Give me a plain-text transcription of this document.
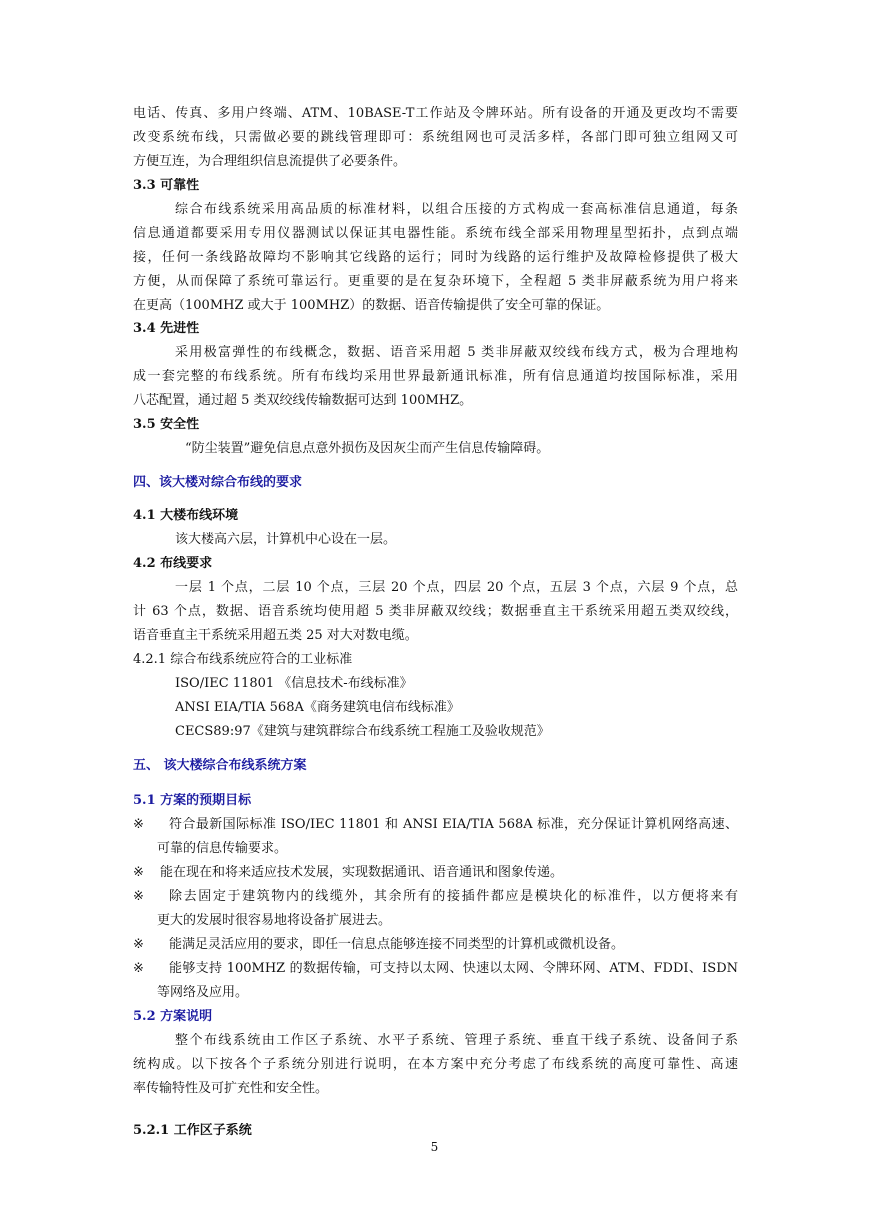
电话、传真、多用户终端、ATM、10BASE-T工作站及令牌环站。所有设备的开通及更改均不需要
改变系统布线，只需做必要的跳线管理即可：系统组网也可灵活多样，各部门即可独立组网又可
方便互连，为合理组织信息流提供了必要条件。
3.3 可靠性
综合布线系统采用高品质的标准材料，以组合压接的方式构成一套高标准信息通道，每条
信息通道都要采用专用仪器测试以保证其电器性能。系统布线全部采用物理星型拓扑，点到点端
接，任何一条线路故障均不影响其它线路的运行；同时为线路的运行维护及故障检修提供了极大
方便，从而保障了系统可靠运行。更重要的是在复杂环境下，全程超 5 类非屏蔽系统为用户将来
在更高（100MHZ 或大于 100MHZ）的数据、语音传输提供了安全可靠的保证。
3.4 先进性
采用极富弹性的布线概念，数据、语音采用超 5 类非屏蔽双绞线布线方式，极为合理地构
成一套完整的布线系统。所有布线均采用世界最新通讯标准，所有信息通道均按国际标准，采用
八芯配置，通过超 5 类双绞线传输数据可达到 100MHZ。
3.5 安全性
“防尘装置”避免信息点意外损伤及因灰尘而产生信息传输障碍。
四、该大楼对综合布线的要求
4.1 大楼布线环境
该大楼高六层，计算机中心设在一层。
4.2 布线要求
一层 1 个点，二层 10 个点，三层 20 个点，四层 20 个点，五层 3 个点，六层 9 个点，总
计 63 个点，数据、语音系统均使用超 5 类非屏蔽双绞线；数据垂直主干系统采用超五类双绞线，
语音垂直主干系统采用超五类 25 对大对数电缆。
4.2.1 综合布线系统应符合的工业标准
ISO/IEC 11801 《信息技术-布线标准》
ANSI EIA/TIA 568A《商务建筑电信布线标准》
CECS89:97《建筑与建筑群综合布线系统工程施工及验收规范》
五、 该大楼综合布线系统方案
5.1 方案的预期目标
※ 符合最新国际标准 ISO/IEC 11801 和 ANSI EIA/TIA 568A 标准，充分保证计算机网络高速、
可靠的信息传输要求。
※ 能在现在和将来适应技术发展，实现数据通讯、语音通讯和图象传递。
※ 除去固定于建筑物内的线缆外，其余所有的接插件都应是模块化的标准件，以方便将来有
更大的发展时很容易地将设备扩展进去。
※ 能满足灵活应用的要求，即任一信息点能够连接不同类型的计算机或微机设备。
※ 能够支持 100MHZ 的数据传输，可支持以太网、快速以太网、令牌环网、ATM、FDDI、ISDN
等网络及应用。
5.2 方案说明
整个布线系统由工作区子系统、水平子系统、管理子系统、垂直干线子系统、设备间子系
统构成。以下按各个子系统分别进行说明，在本方案中充分考虑了布线系统的高度可靠性、高速
率传输特性及可扩充性和安全性。
5.2.1 工作区子系统
5
